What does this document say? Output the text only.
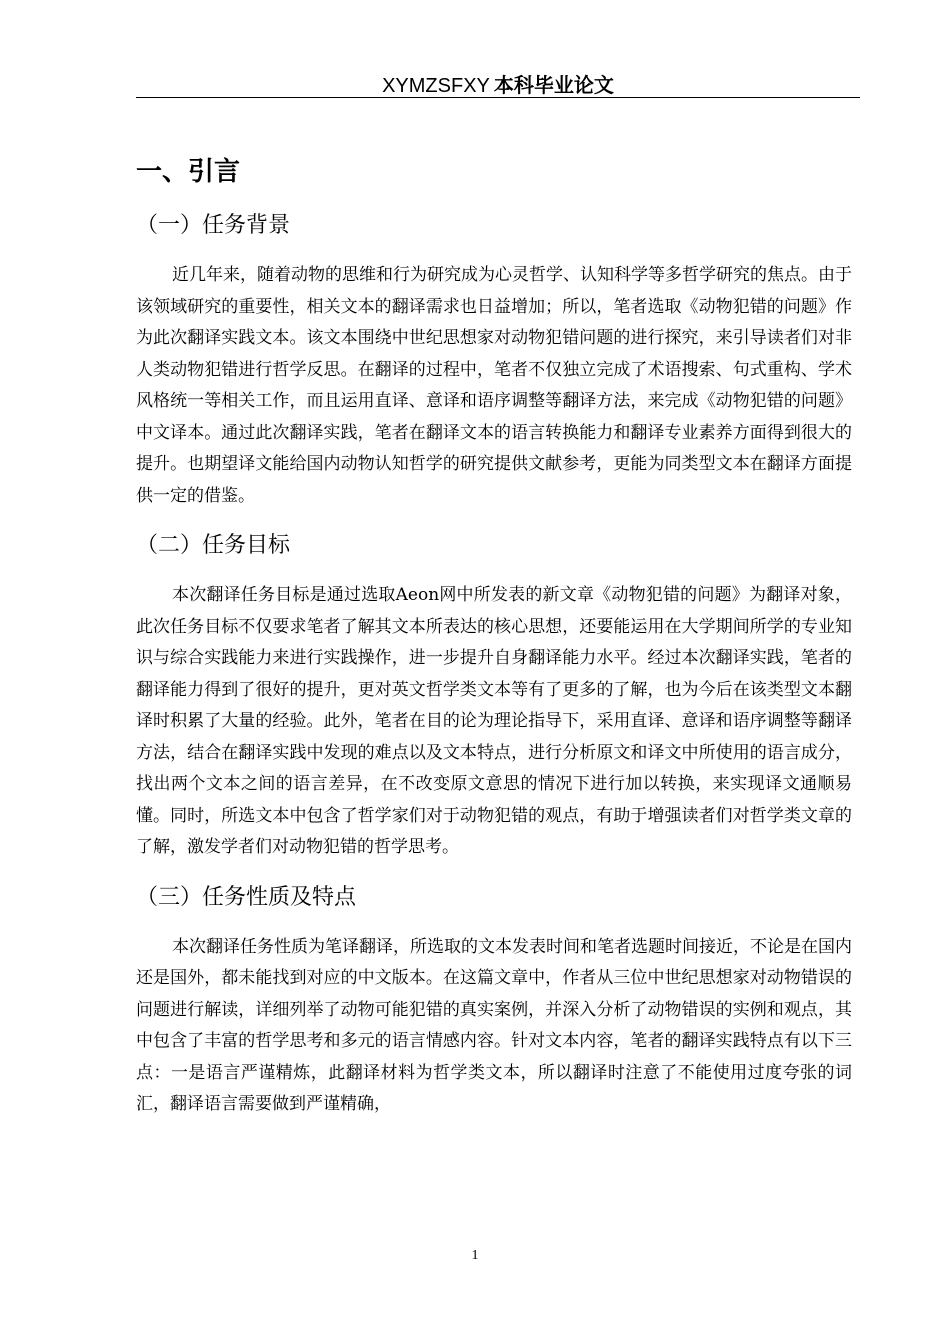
XYMZSFXY 本科毕业论文
一、引言
（一）任务背景

近几年来，随着动物的思维和行为研究成为心灵哲学、认知科学等多哲学研究的焦点。由于该领域研究的重要性，相关文本的翻译需求也日益增加；所以，笔者选取《动物犯错的问题》作为此次翻译实践文本。该文本围绕中世纪思想家对动物犯错问题的进行探究，来引导读者们对非人类动物犯错进行哲学反思。在翻译的过程中，笔者不仅独立完成了术语搜索、句式重构、学术风格统一等相关工作，而且运用直译、意译和语序调整等翻译方法，来完成《动物犯错的问题》中文译本。通过此次翻译实践，笔者在翻译文本的语言转换能力和翻译专业素养方面得到很大的提升。也期望译文能给国内动物认知哲学的研究提供文献参考，更能为同类型文本在翻译方面提供一定的借鉴。

（二）任务目标

本次翻译任务目标是通过选取Aeon网中所发表的新文章《动物犯错的问题》为翻译对象，此次任务目标不仅要求笔者了解其文本所表达的核心思想，还要能运用在大学期间所学的专业知识与综合实践能力来进行实践操作，进一步提升自身翻译能力水平。经过本次翻译实践，笔者的翻译能力得到了很好的提升，更对英文哲学类文本等有了更多的了解，也为今后在该类型文本翻译时积累了大量的经验。此外，笔者在目的论为理论指导下，采用直译、意译和语序调整等翻译方法，结合在翻译实践中发现的难点以及文本特点，进行分析原文和译文中所使用的语言成分，找出两个文本之间的语言差异，在不改变原文意思的情况下进行加以转换，来实现译文通顺易懂。同时，所选文本中包含了哲学家们对于动物犯错的观点，有助于增强读者们对哲学类文章的了解，激发学者们对动物犯错的哲学思考。

（三）任务性质及特点

本次翻译任务性质为笔译翻译，所选取的文本发表时间和笔者选题时间接近，不论是在国内还是国外，都未能找到对应的中文版本。在这篇文章中，作者从三位中世纪思想家对动物错误的问题进行解读，详细列举了动物可能犯错的真实案例，并深入分析了动物错误的实例和观点，其中包含了丰富的哲学思考和多元的语言情感内容。针对文本内容，笔者的翻译实践特点有以下三点：一是语言严谨精炼，此翻译材料为哲学类文本，所以翻译时注意了不能使用过度夸张的词汇，翻译语言需要做到严谨精确，

1
